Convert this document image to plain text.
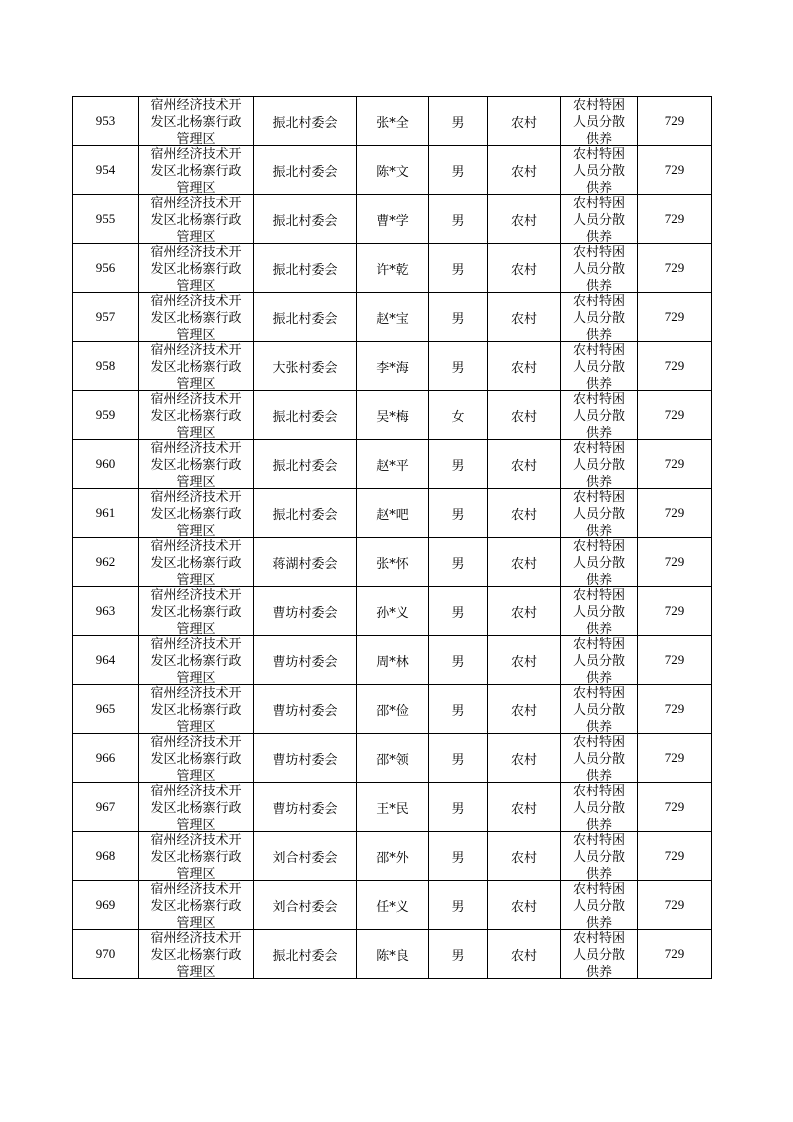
953	宿州经济技术开
发区北杨寨行政
管理区	振北村委会	张*全	男	农村	农村特困
人员分散
供养	729
954	宿州经济技术开
发区北杨寨行政
管理区	振北村委会	陈*文	男	农村	农村特困
人员分散
供养	729
955	宿州经济技术开
发区北杨寨行政
管理区	振北村委会	曹*学	男	农村	农村特困
人员分散
供养	729
956	宿州经济技术开
发区北杨寨行政
管理区	振北村委会	许*乾	男	农村	农村特困
人员分散
供养	729
957	宿州经济技术开
发区北杨寨行政
管理区	振北村委会	赵*宝	男	农村	农村特困
人员分散
供养	729
958	宿州经济技术开
发区北杨寨行政
管理区	大张村委会	李*海	男	农村	农村特困
人员分散
供养	729
959	宿州经济技术开
发区北杨寨行政
管理区	振北村委会	吴*梅	女	农村	农村特困
人员分散
供养	729
960	宿州经济技术开
发区北杨寨行政
管理区	振北村委会	赵*平	男	农村	农村特困
人员分散
供养	729
961	宿州经济技术开
发区北杨寨行政
管理区	振北村委会	赵*吧	男	农村	农村特困
人员分散
供养	729
962	宿州经济技术开
发区北杨寨行政
管理区	蒋湖村委会	张*怀	男	农村	农村特困
人员分散
供养	729
963	宿州经济技术开
发区北杨寨行政
管理区	曹坊村委会	孙*义	男	农村	农村特困
人员分散
供养	729
964	宿州经济技术开
发区北杨寨行政
管理区	曹坊村委会	周*林	男	农村	农村特困
人员分散
供养	729
965	宿州经济技术开
发区北杨寨行政
管理区	曹坊村委会	邵*俭	男	农村	农村特困
人员分散
供养	729
966	宿州经济技术开
发区北杨寨行政
管理区	曹坊村委会	邵*领	男	农村	农村特困
人员分散
供养	729
967	宿州经济技术开
发区北杨寨行政
管理区	曹坊村委会	王*民	男	农村	农村特困
人员分散
供养	729
968	宿州经济技术开
发区北杨寨行政
管理区	刘合村委会	邵*外	男	农村	农村特困
人员分散
供养	729
969	宿州经济技术开
发区北杨寨行政
管理区	刘合村委会	任*义	男	农村	农村特困
人员分散
供养	729
970	宿州经济技术开
发区北杨寨行政
管理区	振北村委会	陈*良	男	农村	农村特困
人员分散
供养	729
